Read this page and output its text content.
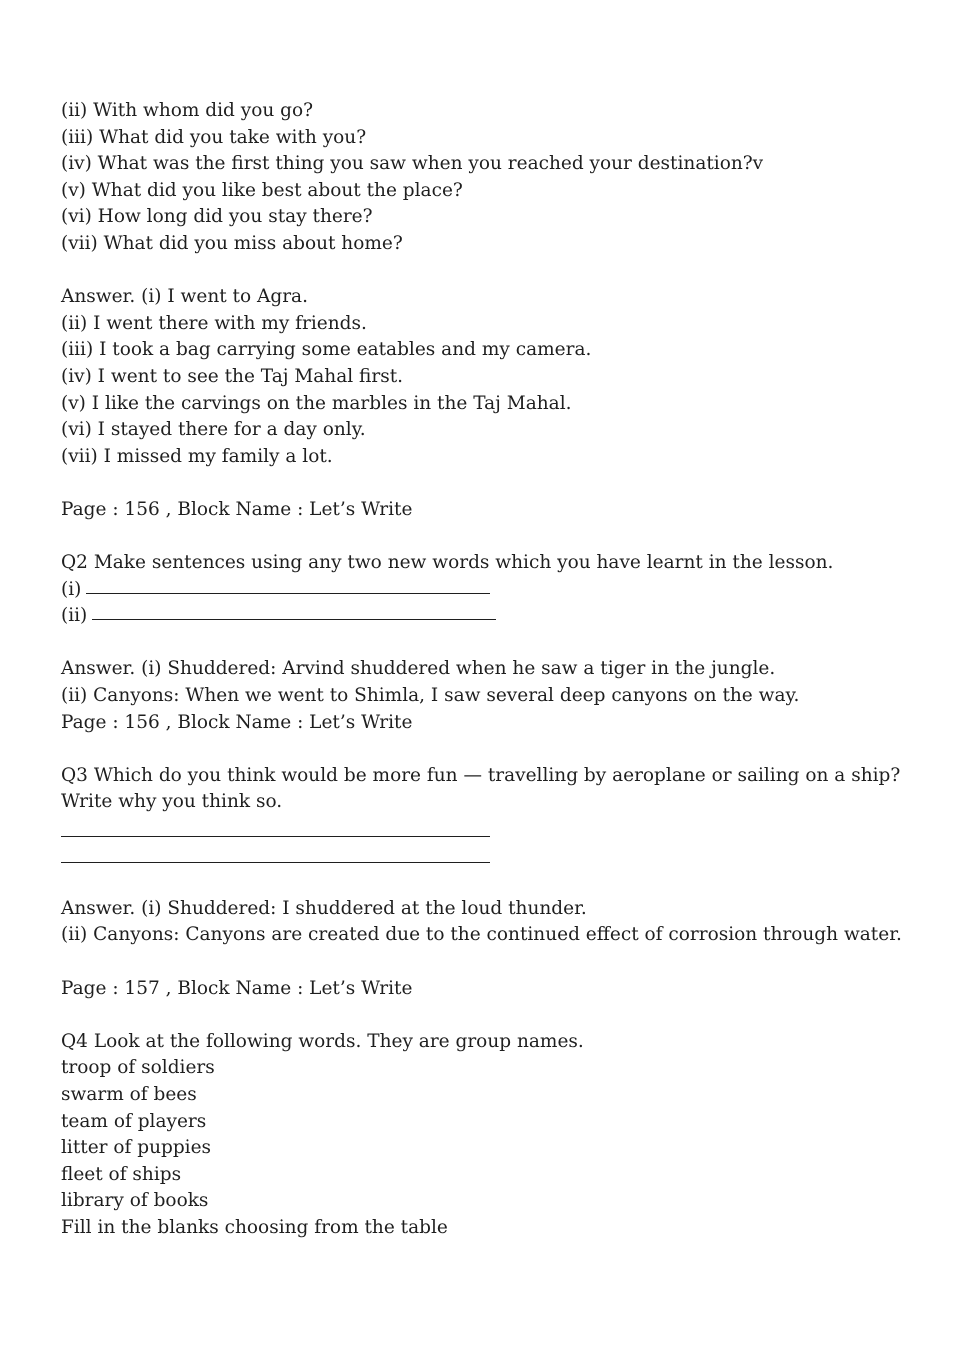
(ii) With whom did you go?
(iii) What did you take with you?
(iv) What was the first thing you saw when you reached your destination?v
(v) What did you like best about the place?
(vi) How long did you stay there?
(vii) What did you miss about home?
Answer. (i) I went to Agra.
(ii) I went there with my friends.
(iii) I took a bag carrying some eatables and my camera.
(iv) I went to see the Taj Mahal first.
(v) I like the carvings on the marbles in the Taj Mahal.
(vi) I stayed there for a day only.
(vii) I missed my family a lot.
Page : 156 , Block Name : Let’s Write
Q2 Make sentences using any two new words which you have learnt in the lesson.
(i)
(ii)
Answer. (i) Shuddered: Arvind shuddered when he saw a tiger in the jungle.
(ii) Canyons: When we went to Shimla, I saw several deep canyons on the way.
Page : 156 , Block Name : Let’s Write
Q3 Which do you think would be more fun — travelling by aeroplane or sailing on a ship? Write why you think so.
Answer. (i) Shuddered: I shuddered at the loud thunder.
(ii) Canyons: Canyons are created due to the continued effect of corrosion through water.
Page : 157 , Block Name : Let’s Write
Q4 Look at the following words. They are group names.
troop of soldiers
swarm of bees
team of players
litter of puppies
fleet of ships
library of books
Fill in the blanks choosing from the table
